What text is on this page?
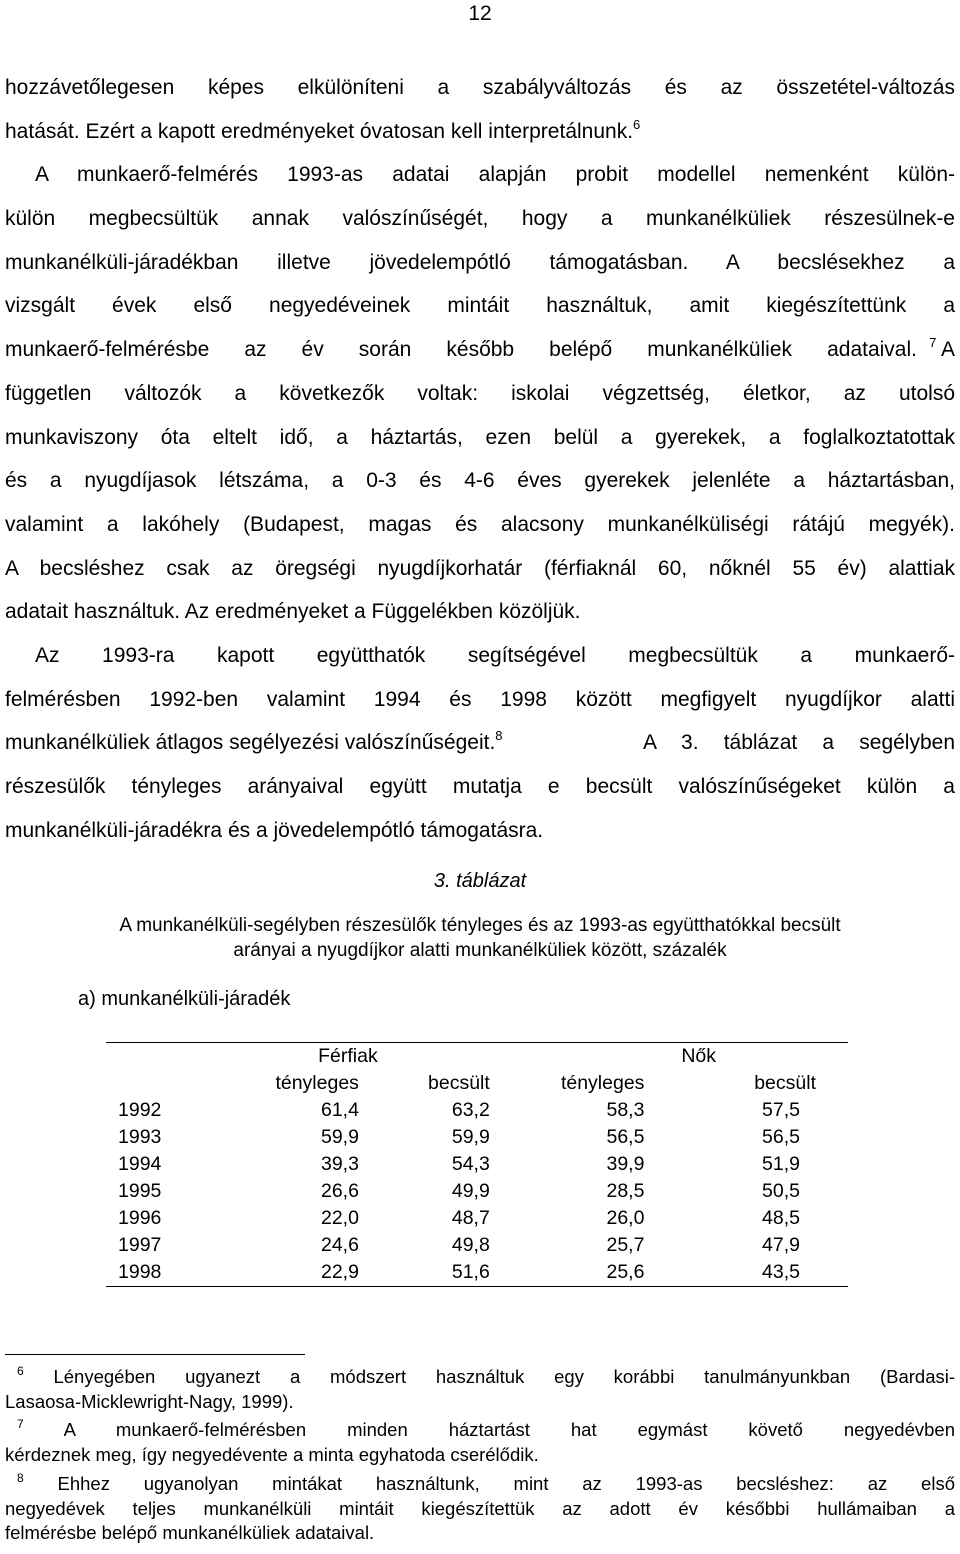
12
hozzávetőlegesen képes elkülöníteni a szabályváltozás és az összetétel-változás
hatását. Ezért a kapott eredményeket óvatosan kell interpretálnunk.$^6$
A munkaerő-felmérés 1993-as adatai alapján probit modellel nemenként külön-
külön megbecsültük annak valószínűségét, hogy a munkanélküliek részesülnek-e
munkanélküli-járadékban illetve jövedelempótló támogatásban. A becslésekhez a
vizsgált évek első negyedéveinek mintáit használtuk, amit kiegészítettünk a
munkaerő-felmérésbe az év során később belépő munkanélküliek adataival. $^7$ A
független változók a következők voltak: iskolai végzettség, életkor, az utolsó
munkaviszony óta eltelt idő, a háztartás, ezen belül a gyerekek, a foglalkoztatottak
és a nyugdíjasok létszáma, a 0-3 és 4-6 éves gyerekek jelenléte a háztartásban,
valamint a lakóhely (Budapest, magas és alacsony munkanélküliségi rátájú megyék).
A becsléshez csak az öregségi nyugdíjkorhatár (férfiaknál 60, nőknél 55 év) alattiak
adatait használtuk. Az eredményeket a Függelékben közöljük.
Az 1993-ra kapott együtthatók segítségével megbecsültük a munkaerő-
felmérésben 1992-ben valamint 1994 és 1998 között megfigyelt nyugdíjkor alatti
munkanélküliek átlagos segélyezési valószínűségeit.$^8$	A 3. táblázat a segélyben
részesülők tényleges arányaival együtt mutatja e becsült valószínűségeket külön a
munkanélküli-járadékra és a jövedelempótló támogatásra.
3. táblázat
A munkanélküli-segélyben részesülők tényleges és az 1993-as együtthatókkal becsült
arányai a nyugdíjkor alatti munkanélküliek között, százalék
a) munkanélküli-járadék
	Férfiak		Nők	
	tényleges	becsült	tényleges	becsült
1992	61,4	63,2	58,3	57,5
1993	59,9	59,9	56,5	56,5
1994	39,3	54,3	39,9	51,9
1995	26,6	49,9	28,5	50,5
1996	22,0	48,7	26,0	48,5
1997	24,6	49,8	25,7	47,9
1998	22,9	51,6	25,6	43,5
$^6$ Lényegében ugyanezt a módszert használtuk egy korábbi tanulmányunkban (Bardasi-
Lasaosa-Micklewright-Nagy, 1999).
$^7$ A munkaerő-felmérésben minden háztartást hat egymást követő negyedévben
kérdeznek meg, így negyedévente a minta egyhatoda cserélődik.
$^8$ Ehhez ugyanolyan mintákat használtunk, mint az 1993-as becsléshez: az első
negyedévek teljes munkanélküli mintáit kiegészítettük az adott év későbbi hullámaiban a
felmérésbe belépő munkanélküliek adataival.
